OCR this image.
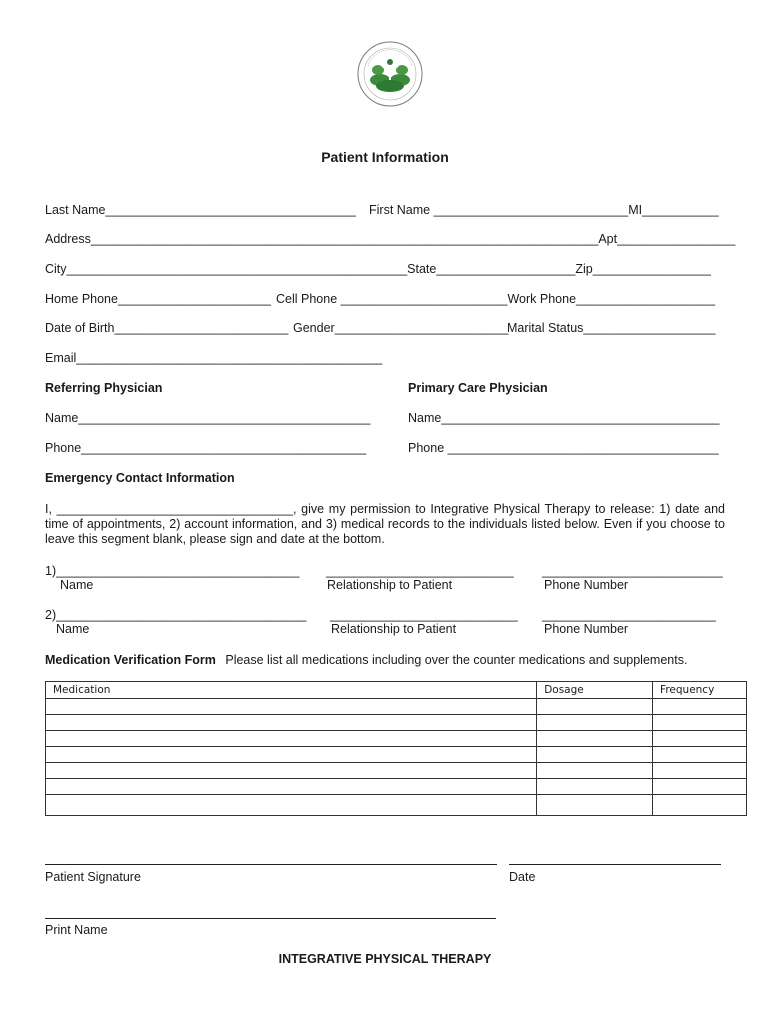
Patient Information
Last Name____________________________________ First Name ____________________________MI___________
Address_________________________________________________________________________Apt_________________
City_________________________________________________State____________________Zip_________________
Home Phone______________________ Cell Phone ________________________Work Phone____________________
Date of Birth_________________________ Gender_________________________
Marital Status___________________
Email____________________________________________
Referring Physician	Primary Care Physician
Name__________________________________________	Name________________________________________
Phone_________________________________________	Phone _______________________________________
Emergency Contact Information
I, __________________________________, give my permission to Integrative Physical Therapy to release: 1) date and time of appointments, 2) account information, and 3) medical records to the individuals listed below. Even if you choose to leave this segment blank, please sign and date at the bottom.
1)___________________________________ ___________________________ __________________________
Name	Relationship to Patient	Phone Number
2)____________________________________ ___________________________ _________________________
Name	Relationship to Patient	Phone Number
Medication Verification Form Please list all medications including over the counter medications and supplements.
Medication	Dosage	Frequency

Patient Signature	Date
Print Name
INTEGRATIVE PHYSICAL THERAPY
